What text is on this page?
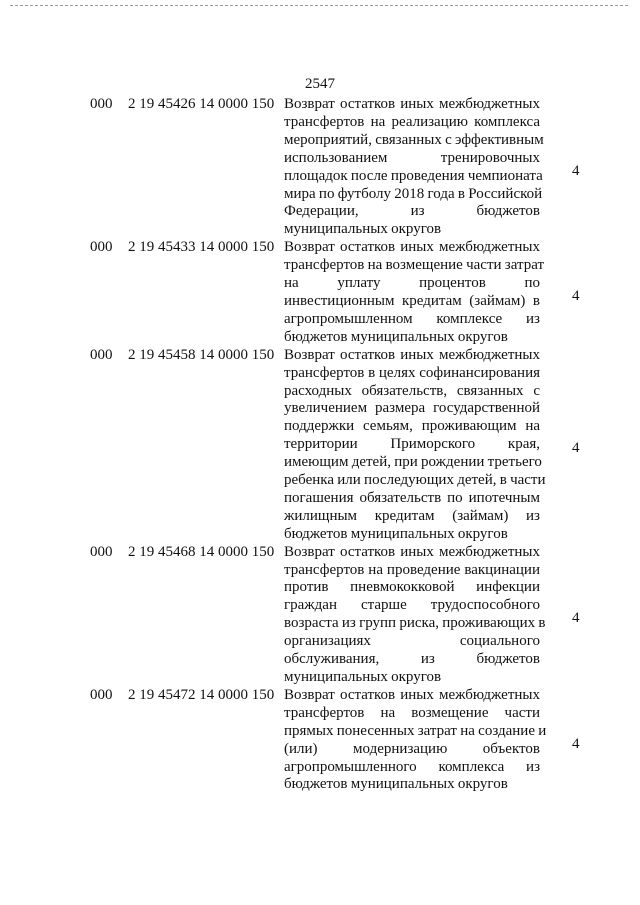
2547
000 2 19 45426 14 0000 150 Возврат остатков иных межбюджетных
трансфертов на реализацию комплекса
мероприятий, связанных с эффективным
использованием тренировочных
площадок после проведения чемпионата
мира по футболу 2018 года в Российской
Федерации, из бюджетов
муниципальных округов
4
000 2 19 45433 14 0000 150 Возврат остатков иных межбюджетных
трансфертов на возмещение части затрат
на уплату процентов по
инвестиционным кредитам (займам) в
агропромышленном комплексе из
бюджетов муниципальных округов
4
000 2 19 45458 14 0000 150 Возврат остатков иных межбюджетных
трансфертов в целях софинансирования
расходных обязательств, связанных с
увеличением размера государственной
поддержки семьям, проживающим на
территории Приморского края,
имеющим детей, при рождении третьего
ребенка или последующих детей, в части
погашения обязательств по ипотечным
жилищным кредитам (займам) из
бюджетов муниципальных округов
4
000 2 19 45468 14 0000 150 Возврат остатков иных межбюджетных
трансфертов на проведение вакцинации
против пневмококковой инфекции
граждан старше трудоспособного
возраста из групп риска, проживающих в
организациях социального
обслуживания, из бюджетов
муниципальных округов
4
000 2 19 45472 14 0000 150 Возврат остатков иных межбюджетных
трансфертов на возмещение части
прямых понесенных затрат на создание и
(или) модернизацию объектов
агропромышленного комплекса из
бюджетов муниципальных округов
4
